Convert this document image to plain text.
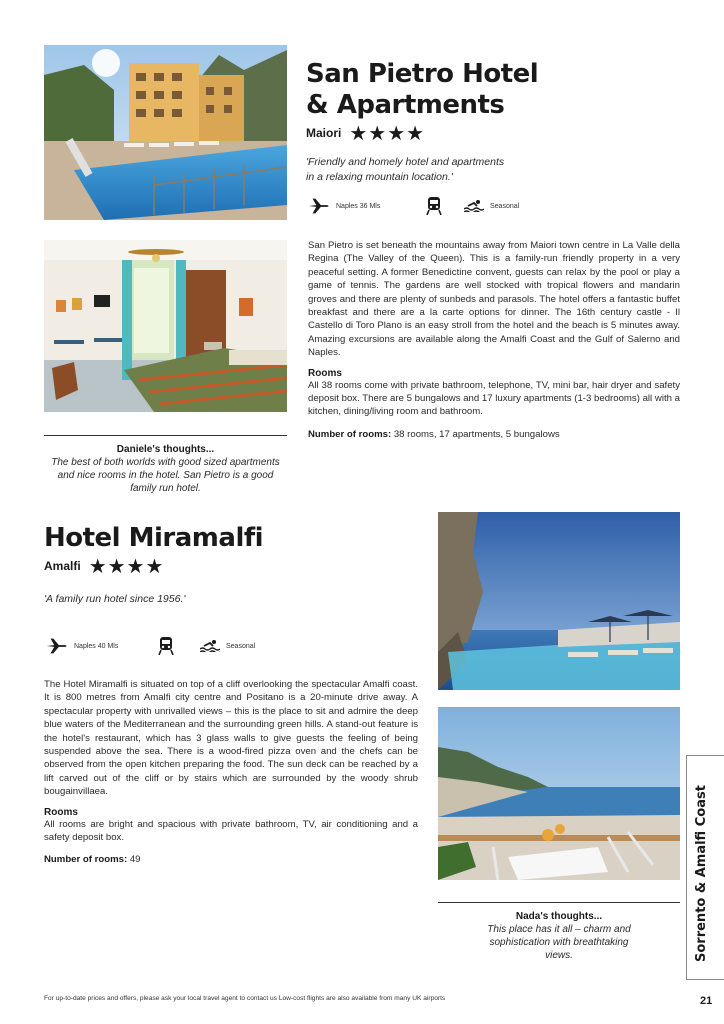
San Pietro Hotel
& Apartments
Maiori ★★★★
'Friendly and homely hotel and apartments
in a relaxing mountain location.'
Naples 36 Mls	Seasonal

San Pietro is set beneath the mountains away from Maiori town centre in La Valle della Regina (The Valley of the Queen). This is a family-run friendly property in a very peaceful setting. A former Benedictine convent, guests can relax by the pool or play a game of tennis. The gardens are well stocked with tropical flowers and mandarin groves and there are plenty of sunbeds and parasols. The hotel offers a fantastic buffet breakfast and there are a la carte options for dinner. The 16th century castle - Il Castello di Toro Plano is an easy stroll from the hotel and the beach is 5 minutes away. Amazing excursions are available along the Amalfi Coast and the Gulf of Salerno and Naples.

Rooms

All 38 rooms come with private bathroom, telephone, TV, mini bar, hair dryer and safety deposit box. There are 5 bungalows and 17 luxury apartments (1-3 bedrooms) all with a kitchen, dining/living room and bathroom.

Number of rooms: 38 rooms, 17 apartments, 5 bungalows
Daniele's thoughts...
The best of both worlds with good sized apartments and nice rooms in the hotel. San Pietro is a good family run hotel.
Hotel Miramalfi
Amalfi ★★★★
'A family run hotel since 1956.'
Naples 40 Mls	Seasonal

The Hotel Miramalfi is situated on top of a cliff overlooking the spectacular Amalfi coast. It is 800 metres from Amalfi city centre and Positano is a 20-minute drive away. A spectacular property with unrivalled views – this is the place to sit and admire the deep blue waters of the Mediterranean and the surrounding green hills. A stand-out feature is the hotel's restaurant, which has 3 glass walls to give guests the feeling of being suspended above the sea. There is a wood-fired pizza oven and the chefs can be observed from the open kitchen preparing the food. The sun deck can be reached by a lift carved out of the cliff or by stairs which are surrounded by the woody shrub bougainvillaea.

Rooms

All rooms are bright and spacious with private bathroom, TV, air conditioning and a safety deposit box.

Number of rooms: 49
Nada's thoughts...
This place has it all – charm and sophistication with breathtaking views.	Sorrento & Amalfi Coast
For up-to-date prices and offers, please ask your local travel agent to contact us Low-cost flights are also available from many UK airports	21
